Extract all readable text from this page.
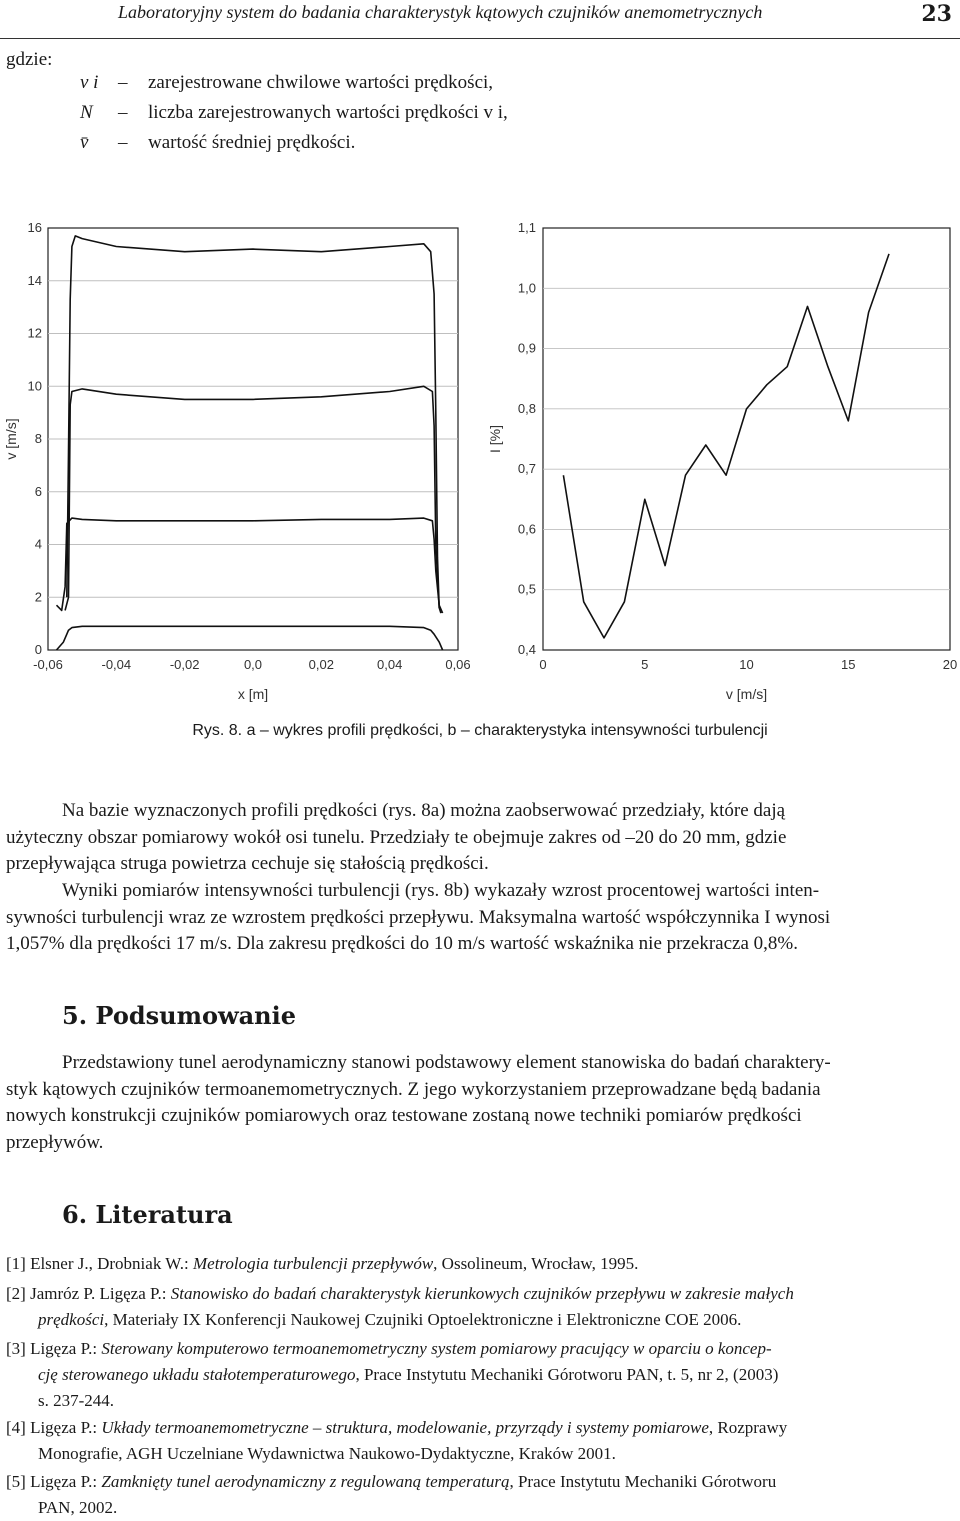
Laboratoryjny system do badania charakterystyk kątowych czujników anemometrycznych	23
gdzie:
v i – zarejestrowane chwilowe wartości prędkości,
N – liczba zarejestrowanych wartości prędkości v i,
v̄ – wartość średniej prędkości.
0
2
4
6
8
10
12
14
16
-0,06	-0,04	-0,02	0,0	0,02	0,04	0,06
x [m]
v [m/s]
0,4
0,5
0,6
0,7
0,8
0,9
1,0
1,1
0	5	10	15	20
v [m/s]
I [%]
Rys. 8. a – wykres profili prędkości, b – charakterystyka intensywności turbulencji
Na bazie wyznaczonych profili prędkości (rys. 8a) można zaobserwować przedziały, które dają
użyteczny obszar pomiarowy wokół osi tunelu. Przedziały te obejmuje zakres od –20 do 20 mm, gdzie
przepływająca struga powietrza cechuje się stałością prędkości.
Wyniki pomiarów intensywności turbulencji (rys. 8b) wykazały wzrost procentowej wartości inten-
sywności turbulencji wraz ze wzrostem prędkości przepływu. Maksymalna wartość współczynnika I wynosi
1,057% dla prędkości 17 m/s. Dla zakresu prędkości do 10 m/s wartość wskaźnika nie przekracza 0,8%.
5. Podsumowanie
Przedstawiony tunel aerodynamiczny stanowi podstawowy element stanowiska do badań charaktery-
styk kątowych czujników termoanemometrycznych. Z jego wykorzystaniem przeprowadzane będą badania
nowych konstrukcji czujników pomiarowych oraz testowane zostaną nowe techniki pomiarów prędkości
przepływów.
6. Literatura
[1] Elsner J., Drobniak W.: Metrologia turbulencji przepływów, Ossolineum, Wrocław, 1995.
[2] Jamróz P. Ligęza P.: Stanowisko do badań charakterystyk kierunkowych czujników przepływu w zakresie małych
prędkości, Materiały IX Konferencji Naukowej Czujniki Optoelektroniczne i Elektroniczne COE 2006.
[3] Ligęza P.: Sterowany komputerowo termoanemometryczny system pomiarowy pracujący w oparciu o koncep-
cję sterowanego układu stałotemperaturowego, Prace Instytutu Mechaniki Górotworu PAN, t. 5, nr 2, (2003)
s. 237-244.
[4] Ligęza P.: Układy termoanemometryczne – struktura, modelowanie, przyrządy i systemy pomiarowe, Rozprawy
Monografie, AGH Uczelniane Wydawnictwa Naukowo-Dydaktyczne, Kraków 2001.
[5] Ligęza P.: Zamknięty tunel aerodynamiczny z regulowaną temperaturą, Prace Instytutu Mechaniki Górotworu
PAN, 2002.
